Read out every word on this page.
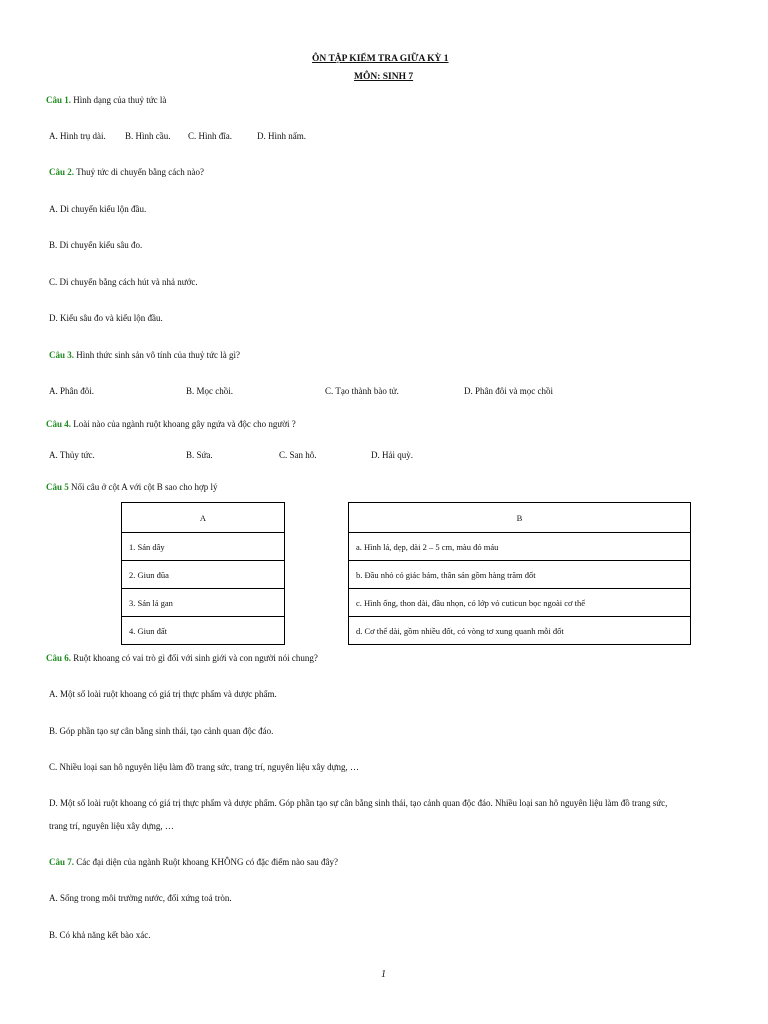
ÔN TẬP KIỂM TRA GIỮA KỲ 1
MÔN: SINH 7
Câu 1. Hình dạng của thuỷ tức là
A. Hình trụ dài. B. Hình cầu. C. Hình đĩa.	D. Hình nấm.
Câu 2. Thuỷ tức di chuyển bằng cách nào?
A. Di chuyển kiểu lộn đầu.
B. Di chuyển kiểu sâu đo.
C. Di chuyển bằng cách hút và nhả nước.
D. Kiểu sâu đo và kiểu lộn đầu.
Câu 3. Hình thức sinh sản vô tính của thuỷ tức là gì?
A. Phân đôi.	B. Mọc chồi.	C. Tạo thành bào tử.	D. Phân đôi và mọc chồi
Câu 4. Loài nào của ngành ruột khoang gây ngứa và độc cho người ?
A. Thủy tức.	B. Sứa.	C. San hô.	D. Hải quỳ.
Câu 5 Nối câu ở cột A với cột B sao cho hợp lý
A
1. Sán dây
2. Giun đũa
3. Sán lá gan
4. Giun đất
B
a. Hình lá, dẹp, dài 2 – 5 cm, màu đỏ máu
b. Đầu nhỏ có giác bám, thân sán gồm hàng trăm đốt
c. Hình ống, thon dài, đầu nhọn, có lớp vỏ cuticun bọc ngoài cơ thể
d. Cơ thể dài, gồm nhiều đốt, có vòng tơ xung quanh mỗi đốt
Câu 6. Ruột khoang có vai trò gì đối với sinh giới và con người nói chung?
A. Một số loài ruột khoang có giá trị thực phẩm và dược phẩm.
B. Góp phần tạo sự cân bằng sinh thái, tạo cảnh quan độc đáo.
C. Nhiều loại san hô nguyên liệu làm đồ trang sức, trang trí, nguyên liệu xây dựng, …
D. Một số loài ruột khoang có giá trị thực phẩm và dược phẩm. Góp phần tạo sự cân bằng sinh thái, tạo cảnh quan độc đáo. Nhiều loại san hô nguyên liệu làm đồ trang sức,
trang trí, nguyên liệu xây dựng, …
Câu 7. Các đại diện của ngành Ruột khoang KHÔNG có đặc điểm nào sau đây?
A. Sống trong môi trường nước, đối xứng toả tròn.
B. Có khả năng kết bào xác.
1
